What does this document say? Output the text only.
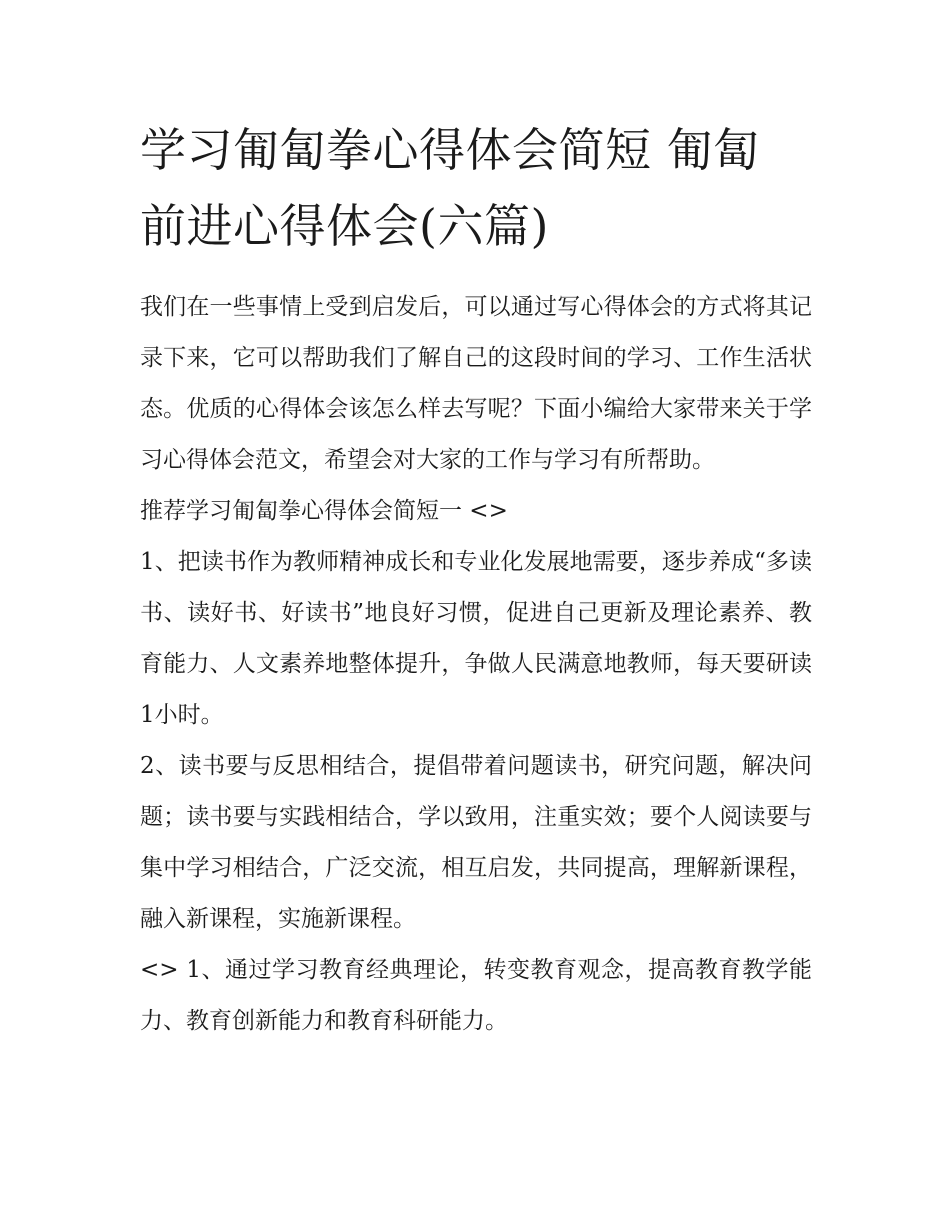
学习匍匐拳心得体会简短 匍匐
前进心得体会(六篇)

我们在一些事情上受到启发后，可以通过写心得体会的方式将其记录下来，它可以帮助我们了解自己的这段时间的学习、工作生活状态。优质的心得体会该怎么样去写呢？下面小编给大家带来关于学习心得体会范文，希望会对大家的工作与学习有所帮助。

推荐学习匍匐拳心得体会简短一 <>

1、把读书作为教师精神成长和专业化发展地需要，逐步养成“多读书、读好书、好读书”地良好习惯，促进自己更新及理论素养、教育能力、人文素养地整体提升，争做人民满意地教师，每天要研读1小时。

2、读书要与反思相结合，提倡带着问题读书，研究问题，解决问题；读书要与实践相结合，学以致用，注重实效；要个人阅读要与集中学习相结合，广泛交流，相互启发，共同提高，理解新课程，融入新课程，实施新课程。

<> 1、通过学习教育经典理论，转变教育观念，提高教育教学能力、教育创新能力和教育科研能力。
